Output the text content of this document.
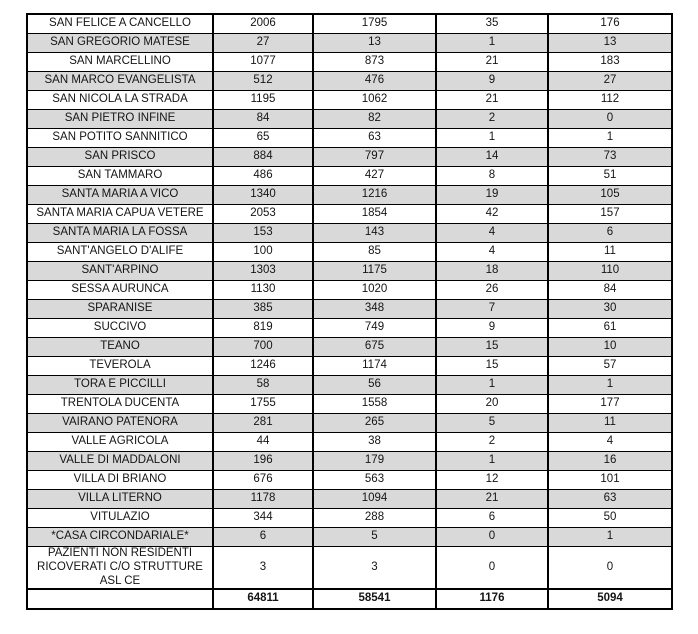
SAN FELICE A CANCELLO	2006	1795	35	176
SAN GREGORIO MATESE	27	13	1	13
SAN MARCELLINO	1077	873	21	183
SAN MARCO EVANGELISTA	512	476	9	27
SAN NICOLA LA STRADA	1195	1062	21	112
SAN PIETRO INFINE	84	82	2	0
SAN POTITO SANNITICO	65	63	1	1
SAN PRISCO	884	797	14	73
SAN TAMMARO	486	427	8	51
SANTA MARIA A VICO	1340	1216	19	105
SANTA MARIA CAPUA VETERE	2053	1854	42	157
SANTA MARIA LA FOSSA	153	143	4	6
SANT'ANGELO D'ALIFE	100	85	4	11
SANT'ARPINO	1303	1175	18	110
SESSA AURUNCA	1130	1020	26	84
SPARANISE	385	348	7	30
SUCCIVO	819	749	9	61
TEANO	700	675	15	10
TEVEROLA	1246	1174	15	57
TORA E PICCILLI	58	56	1	1
TRENTOLA DUCENTA	1755	1558	20	177
VAIRANO PATENORA	281	265	5	11
VALLE AGRICOLA	44	38	2	4
VALLE DI MADDALONI	196	179	1	16
VILLA DI BRIANO	676	563	12	101
VILLA LITERNO	1178	1094	21	63
VITULAZIO	344	288	6	50
*CASA CIRCONDARIALE*	6	5	0	1
PAZIENTI NON RESIDENTI RICOVERATI C/O STRUTTURE ASL CE	3	3	0	0
	64811	58541	1176	5094
